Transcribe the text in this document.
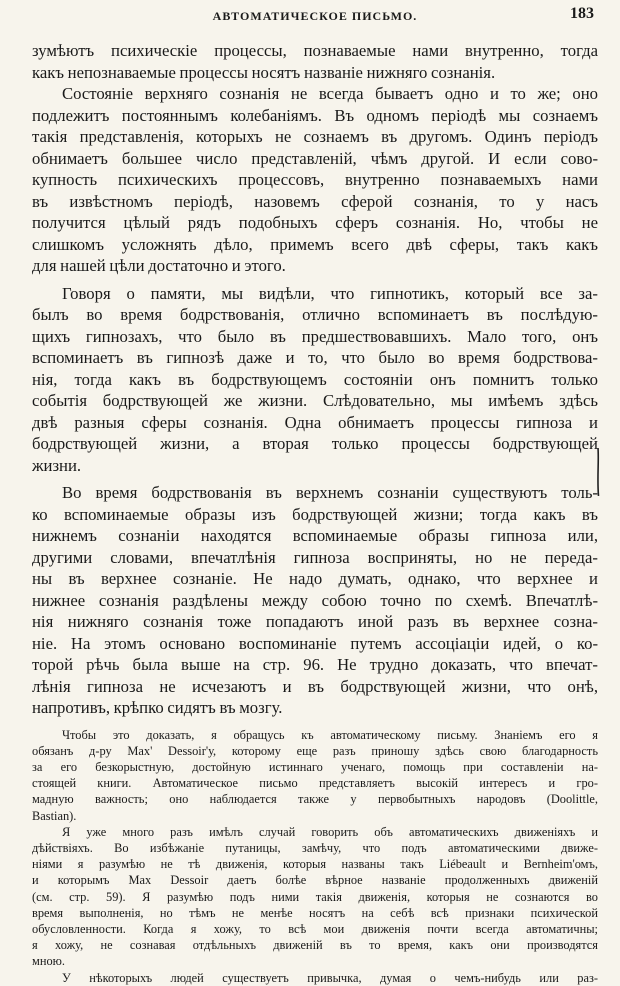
АВТОМАТИЧЕСКОЕ ПИСЬМО.	183

зумѣютъ психическіе процессы, познаваемые нами внутренно, тогда
какъ непознаваемые процессы носятъ названіе нижняго сознанія.

Состояніе верхняго сознанія не всегда бываетъ одно и то же; оно
подлежитъ постояннымъ колебаніямъ. Въ одномъ періодѣ мы сознаемъ
такія представленія, которыхъ не сознаемъ въ другомъ. Одинъ періодъ
обнимаетъ большее число представленій, чѣмъ другой. И если сово-
купность психическихъ процессовъ, внутренно познаваемыхъ нами
въ извѣстномъ періодѣ, назовемъ сферой сознанія, то у насъ
получится цѣлый рядъ подобныхъ сферъ сознанія. Но, чтобы не
слишкомъ усложнять дѣло, примемъ всего двѣ сферы, такъ какъ
для нашей цѣли достаточно и этого.

Говоря о памяти, мы видѣли, что гипнотикъ, который все за-
былъ во время бодрствованія, отлично вспоминаетъ въ послѣдую-
щихъ гипнозахъ, что было въ предшествовавшихъ. Мало того, онъ
вспоминаетъ въ гипнозѣ даже и то, что было во время бодрствова-
нія, тогда какъ въ бодрствующемъ состояніи онъ помнитъ только
событія бодрствующей же жизни. Слѣдовательно, мы имѣемъ здѣсь
двѣ разныя сферы сознанія. Одна обнимаетъ процессы гипноза и
бодрствующей жизни, а вторая только процессы бодрствующей
жизни.

Во время бодрствованія въ верхнемъ сознаніи существуютъ толь-
ко вспоминаемые образы изъ бодрствующей жизни; тогда какъ въ
нижнемъ сознаніи находятся вспоминаемые образы гипноза или,
другими словами, впечатлѣнія гипноза восприняты, но не переда-
ны въ верхнее сознаніе. Не надо думать, однако, что верхнее и
нижнее сознанія раздѣлены между собою точно по схемѣ. Впечатлѣ-
нія нижняго сознанія тоже попадаютъ иной разъ въ верхнее созна-
ніе. На этомъ основано воспоминаніе путемъ ассоціаціи идей, о ко-
торой рѣчь была выше на стр. 96. Не трудно доказать, что впечат-
лѣнія гипноза не исчезаютъ и въ бодрствующей жизни, что онѣ,
напротивъ, крѣпко сидятъ въ мозгу.

Чтобы это доказать, я обращусь къ автоматическому письму. Знаніемъ его я
обязанъ д-ру Max' Dessoir'у, которому еще разъ приношу здѣсь свою благодарность
за его безкорыстную, достойную истиннаго ученаго, помощь при составленіи на-
стоящей книги. Автоматическое письмо представляетъ высокій интересъ и гро-
мадную важность; оно наблюдается также у первобытныхъ народовъ (Doolittle,
Bastian).

Я уже много разъ имѣлъ случай говорить объ автоматическихъ движеніяхъ и
дѣйствіяхъ. Во избѣжаніе путаницы, замѣчу, что подъ автоматическими движе-
ніями я разумѣю не тѣ движенія, которыя названы такъ Liébeault и Bernheim'омъ,
и которымъ Max Dessoir даетъ болѣе вѣрное названіе продолженныхъ движеній
(см. стр. 59). Я разумѣю подъ ними такія движенія, которыя не сознаются во
время выполненія, но тѣмъ не менѣе носятъ на себѣ всѣ признаки психической
обусловленности. Когда я хожу, то всѣ мои движенія почти всегда автоматичны;
я хожу, не сознавая отдѣльныхъ движеній въ то время, какъ они производятся
мною.

У нѣкоторыхъ людей существуетъ привычка, думая о чемъ-нибудь или раз-
